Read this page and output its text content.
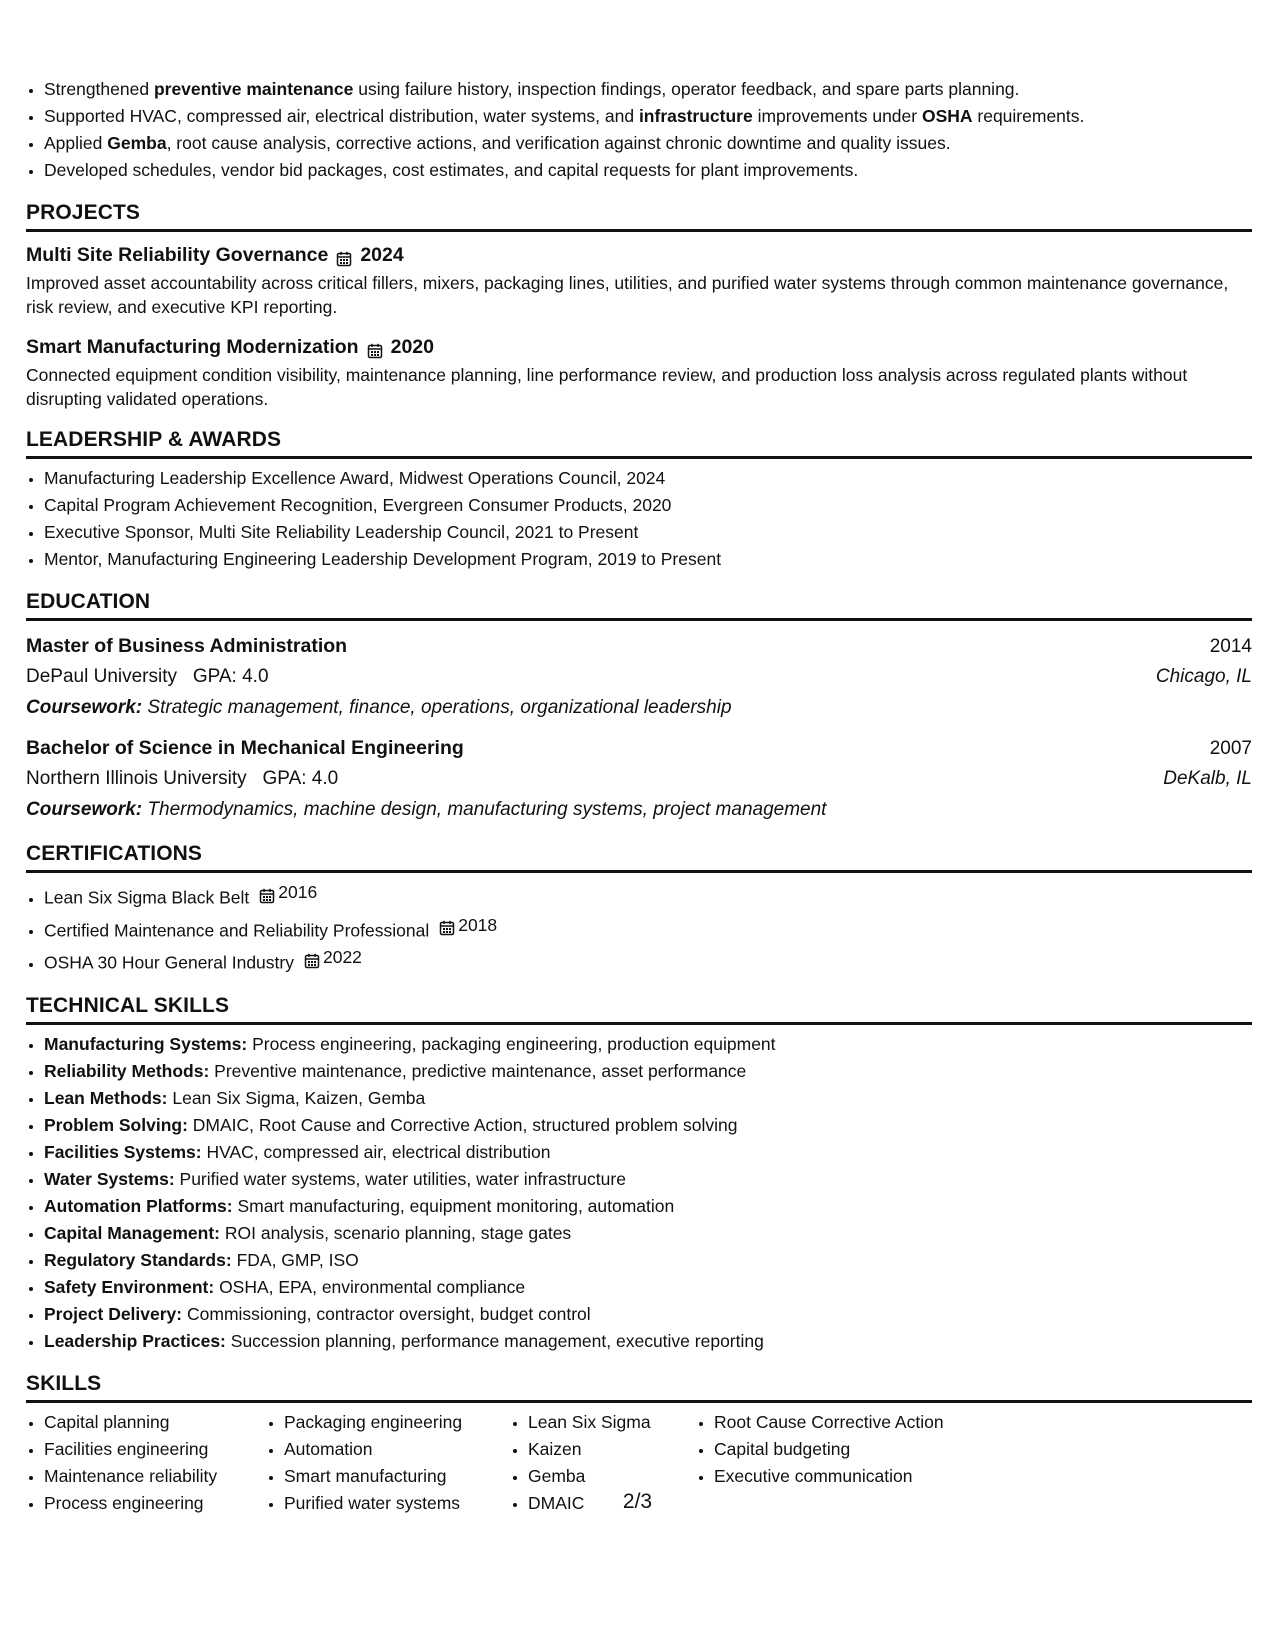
• Strengthened preventive maintenance using failure history, inspection findings, operator feedback, and spare parts planning.
• Supported HVAC, compressed air, electrical distribution, water systems, and infrastructure improvements under OSHA requirements.
• Applied Gemba, root cause analysis, corrective actions, and verification against chronic downtime and quality issues.
• Developed schedules, vendor bid packages, cost estimates, and capital requests for plant improvements.
PROJECTS
Multi Site Reliability Governance 2024
Improved asset accountability across critical fillers, mixers, packaging lines, utilities, and purified water systems through common maintenance governance, risk review, and executive KPI reporting.
Smart Manufacturing Modernization 2020
Connected equipment condition visibility, maintenance planning, line performance review, and production loss analysis across regulated plants without disrupting validated operations.
LEADERSHIP & AWARDS
• Manufacturing Leadership Excellence Award, Midwest Operations Council, 2024
• Capital Program Achievement Recognition, Evergreen Consumer Products, 2020
• Executive Sponsor, Multi Site Reliability Leadership Council, 2021 to Present
• Mentor, Manufacturing Engineering Leadership Development Program, 2019 to Present
EDUCATION
Master of Business Administration	2014
DePaul University GPA: 4.0	Chicago, IL
Coursework: Strategic management, finance, operations, organizational leadership
Bachelor of Science in Mechanical Engineering	2007
Northern Illinois University GPA: 4.0	DeKalb, IL
Coursework: Thermodynamics, machine design, manufacturing systems, project management
CERTIFICATIONS
• Lean Six Sigma Black Belt 2016
• Certified Maintenance and Reliability Professional 2018
• OSHA 30 Hour General Industry 2022
TECHNICAL SKILLS
• Manufacturing Systems: Process engineering, packaging engineering, production equipment
• Reliability Methods: Preventive maintenance, predictive maintenance, asset performance
• Lean Methods: Lean Six Sigma, Kaizen, Gemba
• Problem Solving: DMAIC, Root Cause and Corrective Action, structured problem solving
• Facilities Systems: HVAC, compressed air, electrical distribution
• Water Systems: Purified water systems, water utilities, water infrastructure
• Automation Platforms: Smart manufacturing, equipment monitoring, automation
• Capital Management: ROI analysis, scenario planning, stage gates
• Regulatory Standards: FDA, GMP, ISO
• Safety Environment: OSHA, EPA, environmental compliance
• Project Delivery: Commissioning, contractor oversight, budget control
• Leadership Practices: Succession planning, performance management, executive reporting
SKILLS
• Capital planning
• Facilities engineering
• Maintenance reliability
• Process engineering
• Packaging engineering
• Automation
• Smart manufacturing
• Purified water systems
• Lean Six Sigma
• Kaizen
• Gemba
• DMAIC
• Root Cause Corrective Action
• Capital budgeting
• Executive communication
2/3
